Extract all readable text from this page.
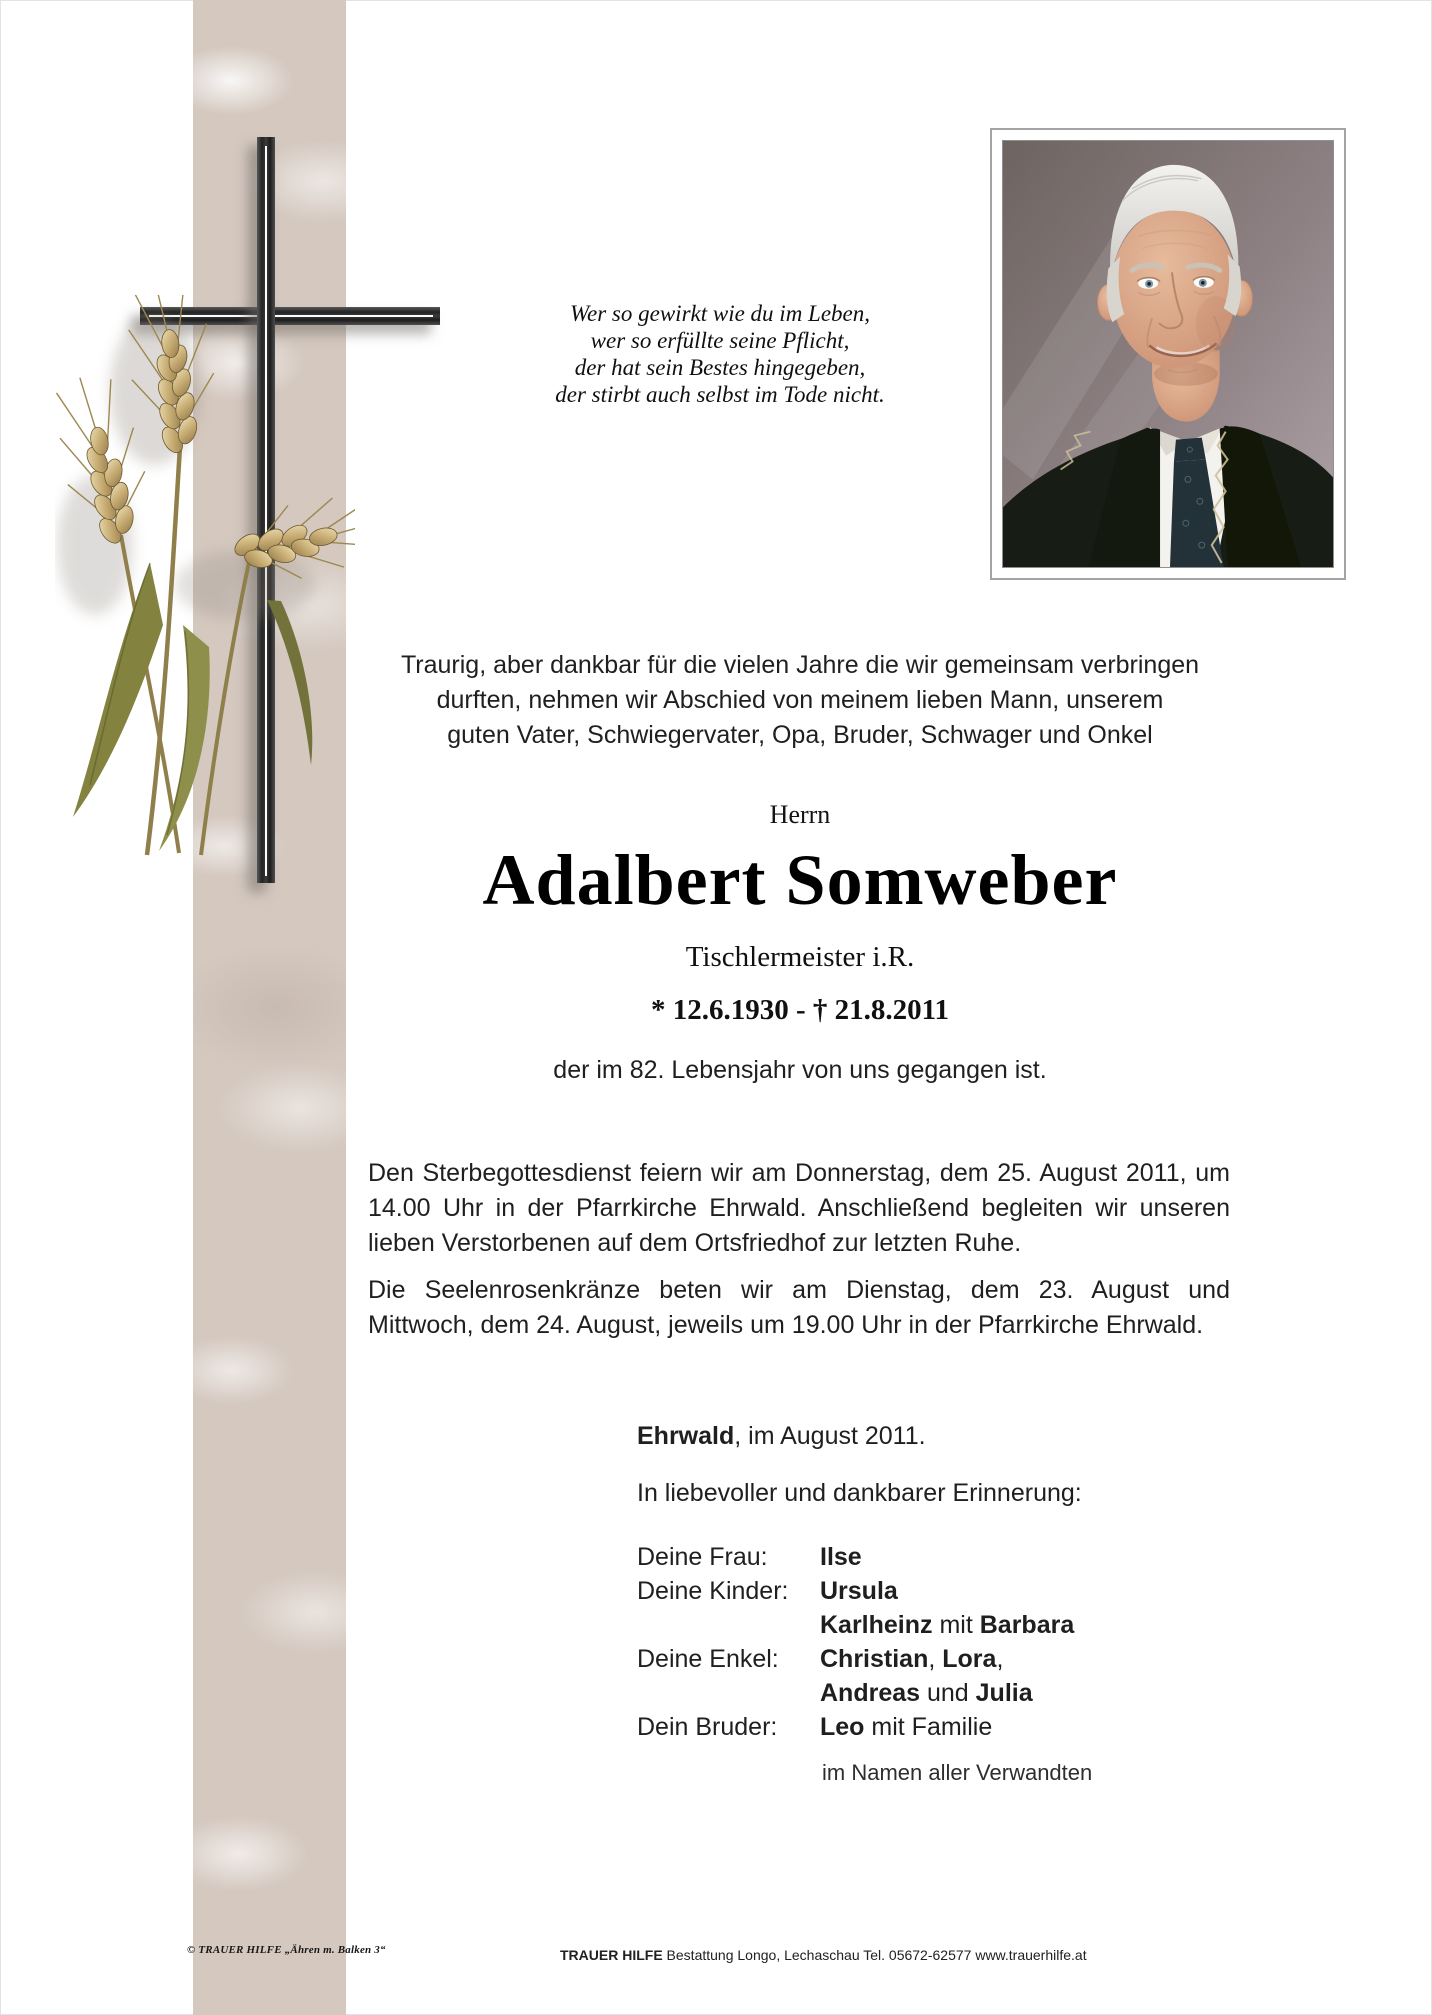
Wer so gewirkt wie du im Leben,
wer so erfüllte seine Pflicht,
der hat sein Bestes hingegeben,
der stirbt auch selbst im Tode nicht.
Traurig, aber dankbar für die vielen Jahre die wir gemeinsam verbringen
durften, nehmen wir Abschied von meinem lieben Mann, unserem
guten Vater, Schwiegervater, Opa, Bruder, Schwager und Onkel
Herrn
Adalbert Somweber
Tischlermeister i.R.
* 12.6.1930 - † 21.8.2011
der im 82. Lebensjahr von uns gegangen ist.

Den Sterbegottesdienst feiern wir am Donnerstag, dem 25. August 2011, um 14.00 Uhr in der Pfarrkirche Ehrwald. Anschließend begleiten wir unseren lieben Verstorbenen auf dem Ortsfriedhof zur letzten Ruhe.

Die Seelenrosenkränze beten wir am Dienstag, dem 23. August und Mittwoch, dem 24. August, jeweils um 19.00 Uhr in der Pfarrkirche Ehrwald.

Ehrwald, im August 2011.
In liebevoller und dankbarer Erinnerung:
Deine Frau:	Ilse
Deine Kinder:	Ursula
Karlheinz mit Barbara
Deine Enkel:	Christian, Lora,
Andreas und Julia
Dein Bruder:	Leo mit Familie
im Namen aller Verwandten
© TRAUER HILFE „Ähren m. Balken 3“	TRAUER HILFE Bestattung Longo, Lechaschau Tel. 05672-62577 www.trauerhilfe.at
